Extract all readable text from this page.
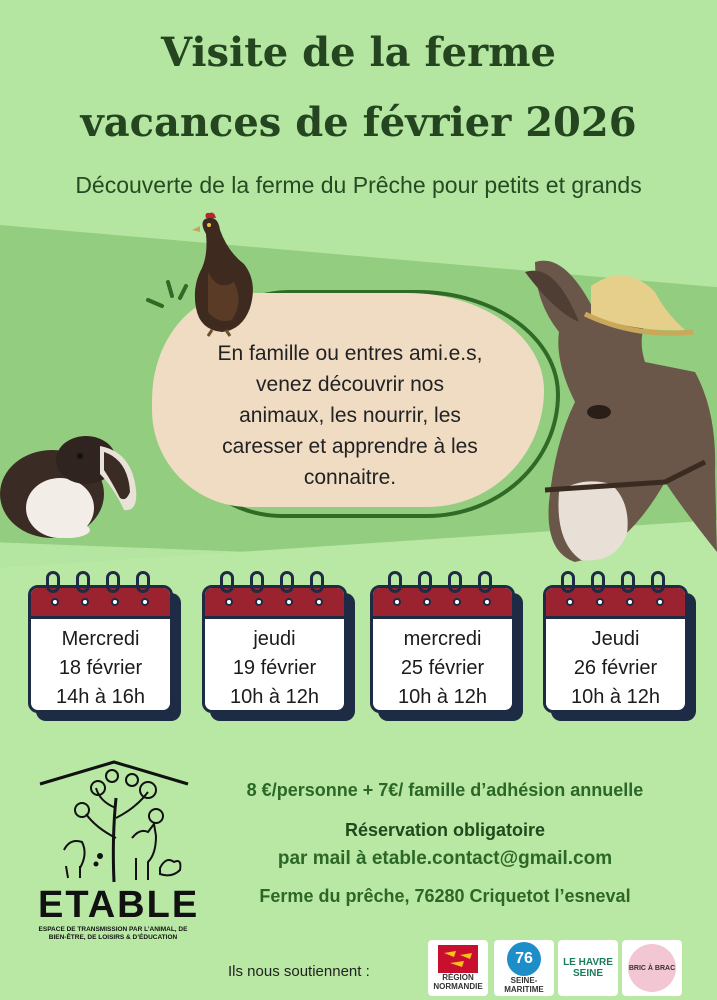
Visite de la ferme
vacances de février 2026

Découverte de la ferme du Prêche pour petits et grands

En famille ou entres ami.e.s,
venez découvrir nos
animaux, les nourrir, les
caresser et apprendre à les
connaitre.
Mercredi
18 février
14h à 16h
jeudi
19 février
10h à 12h
mercredi
25 février
10h à 12h
Jeudi
26 février
10h à 12h
ETABLE
ESPACE DE TRANSMISSION PAR L’ANIMAL, DE BIEN-ÊTRE, DE LOISIRS & D’ÉDUCATION

8 €/personne + 7€/ famille d’adhésion annuelle

Réservation obligatoire

par mail à etable.contact@gmail.com

Ferme du prêche, 76280 Criquetot l’esneval

Ils nous soutiennent :	RÉGION NORMANDIE
76
SEINE-MARITIME
LE HAVRE SEINE	BRIC À BRAC
